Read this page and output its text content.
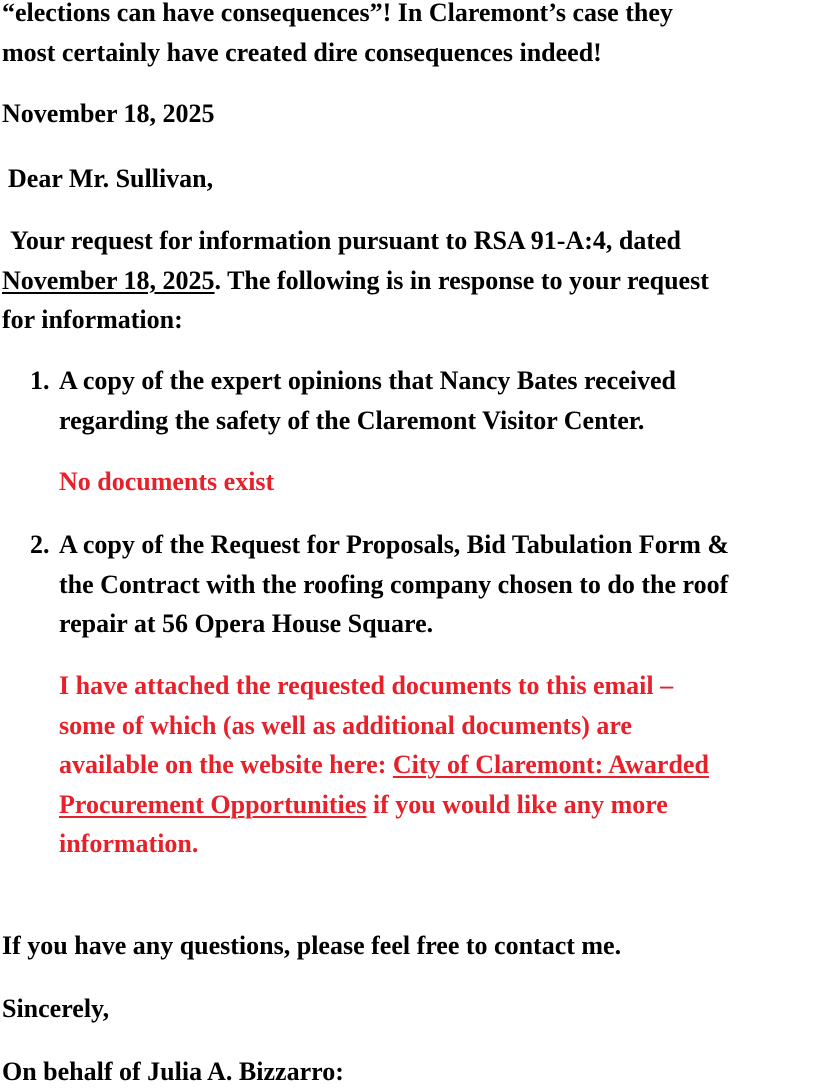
“elections can have consequences”! In Claremont’s case they

most certainly have created dire consequences indeed!

November 18, 2025

Dear Mr. Sullivan,

Your request for information pursuant to RSA 91-A:4, dated

November 18, 2025. The following is in response to your request

for information:

1. A copy of the expert opinions that Nancy Bates received

regarding the safety of the Claremont Visitor Center.

No documents exist

2. A copy of the Request for Proposals, Bid Tabulation Form &

the Contract with the roofing company chosen to do the roof

repair at 56 Opera House Square.

I have attached the requested documents to this email –

some of which (as well as additional documents) are

available on the website here: City of Claremont: Awarded

Procurement Opportunities if you would like any more

information.

If you have any questions, please feel free to contact me.

Sincerely,

On behalf of Julia A. Bizzarro:
